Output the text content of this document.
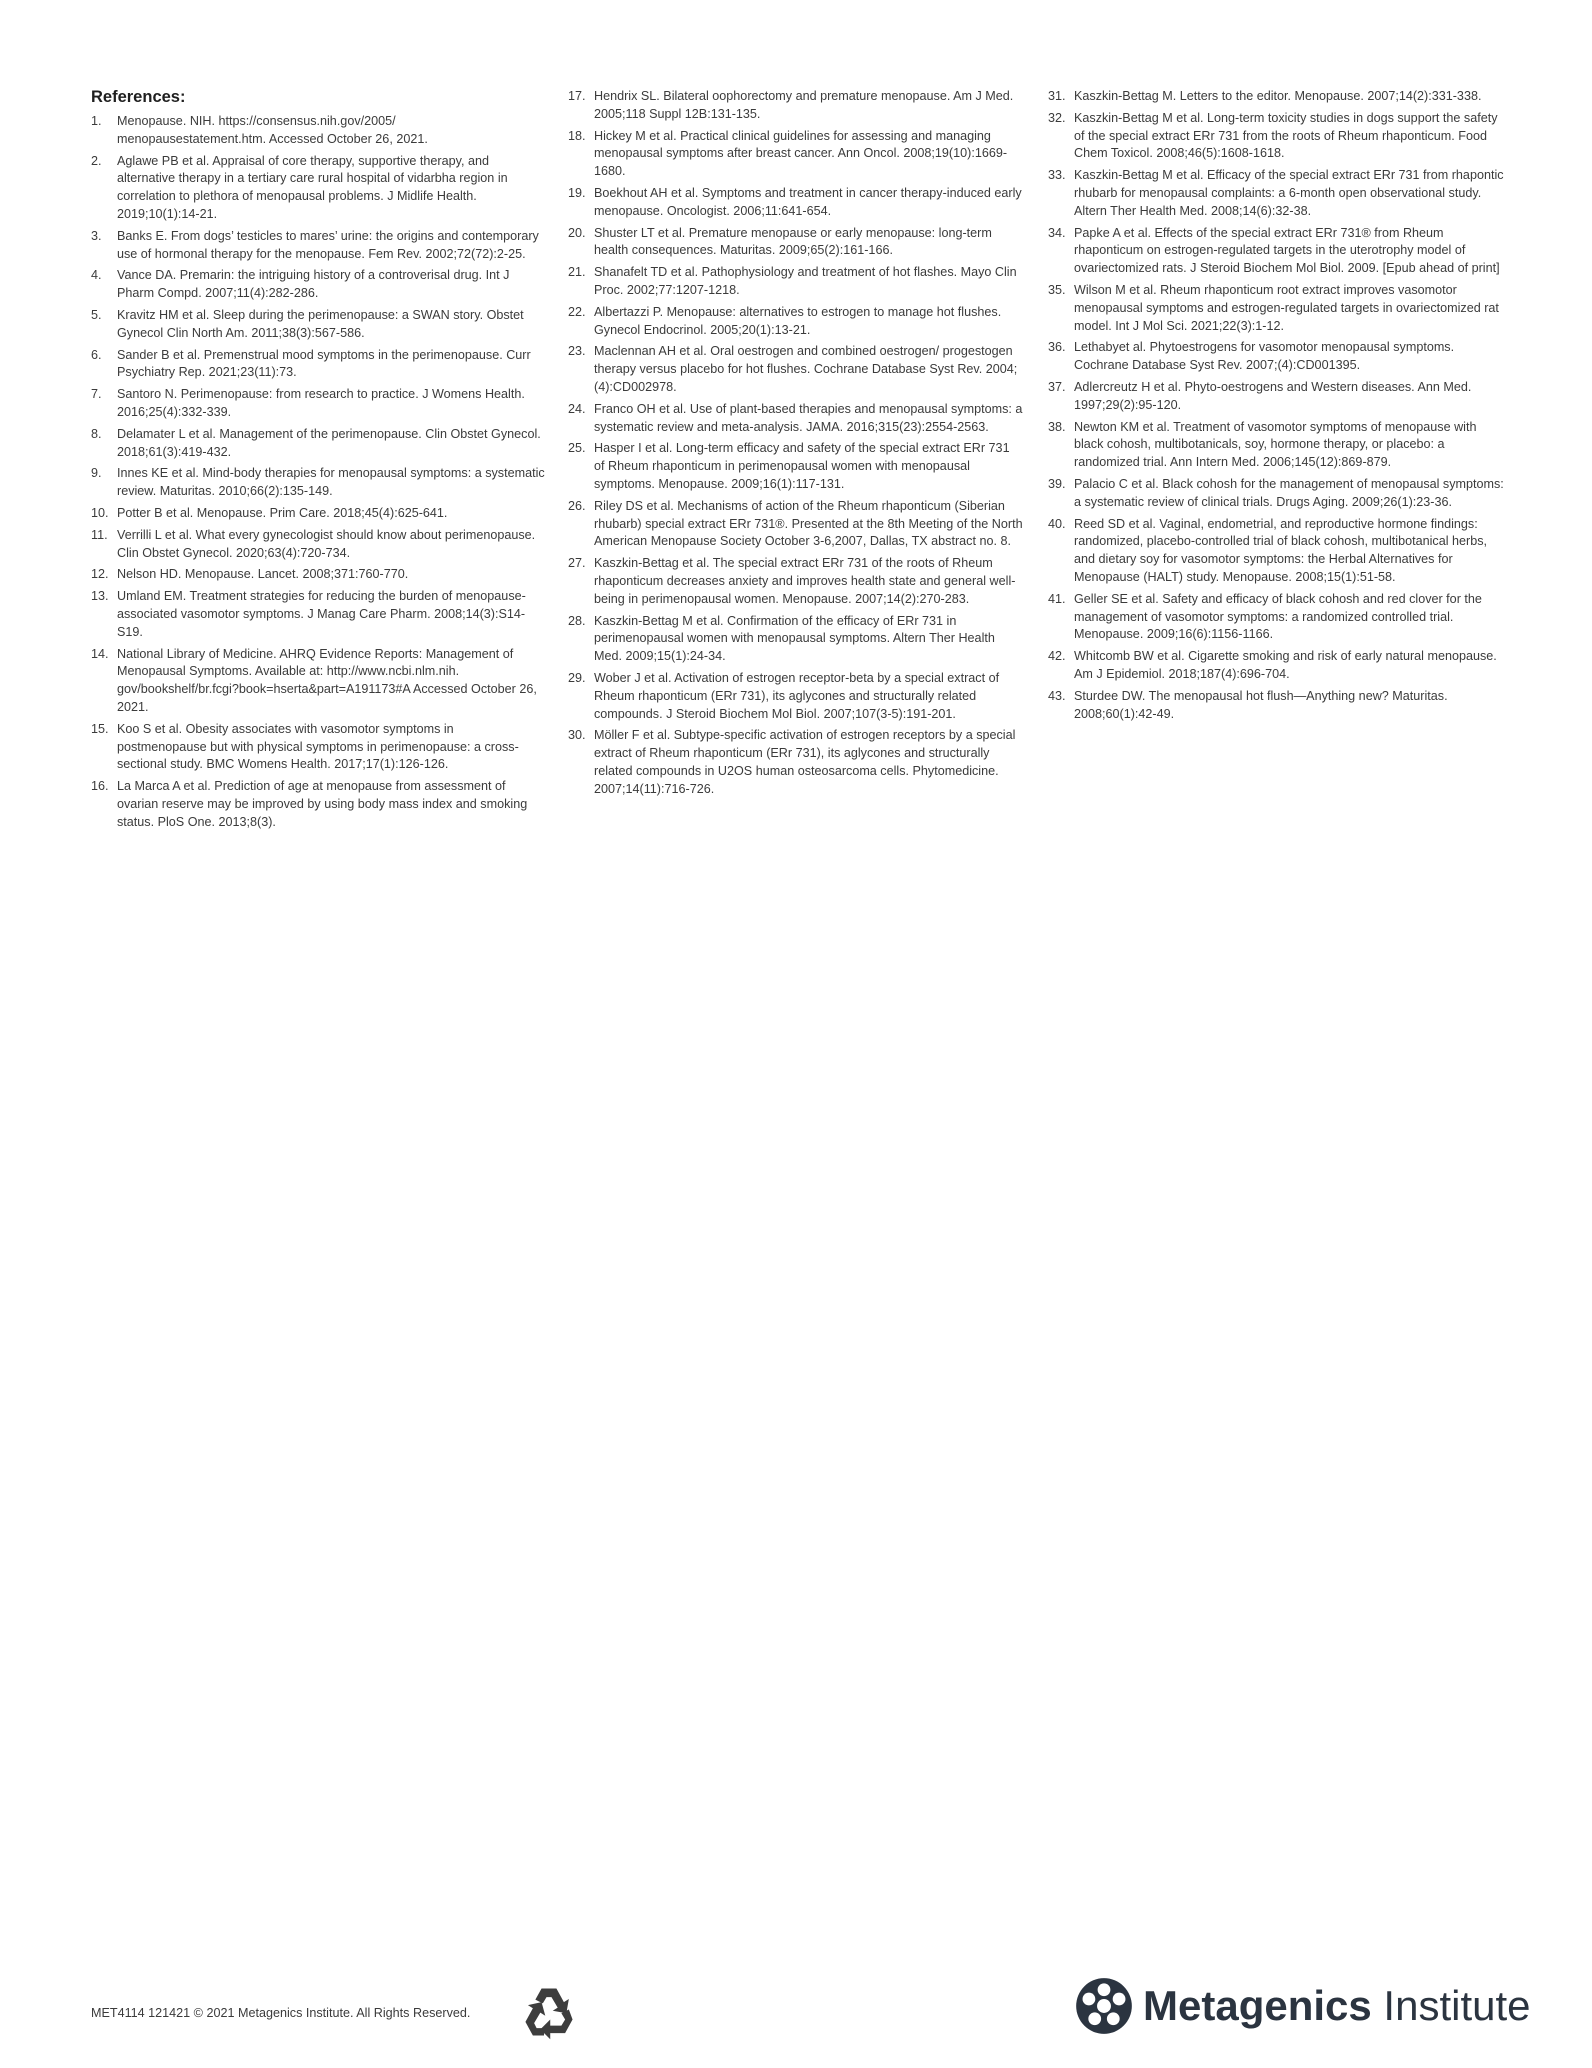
References:
1. Menopause. NIH. https://consensus.nih.gov/2005/ menopausestatement.htm. Accessed October 26, 2021.
2. Aglawe PB et al. Appraisal of core therapy, supportive therapy, and alternative therapy in a tertiary care rural hospital of vidarbha region in correlation to plethora of menopausal problems. J Midlife Health. 2019;10(1):14-21.
3. Banks E. From dogs’ testicles to mares’ urine: the origins and contemporary use of hormonal therapy for the menopause. Fem Rev. 2002;72(72):2-25.
4. Vance DA. Premarin: the intriguing history of a controverisal drug. Int J Pharm Compd. 2007;11(4):282-286.
5. Kravitz HM et al. Sleep during the perimenopause: a SWAN story. Obstet Gynecol Clin North Am. 2011;38(3):567-586.
6. Sander B et al. Premenstrual mood symptoms in the perimenopause. Curr Psychiatry Rep. 2021;23(11):73.
7. Santoro N. Perimenopause: from research to practice. J Womens Health. 2016;25(4):332-339.
8. Delamater L et al. Management of the perimenopause. Clin Obstet Gynecol. 2018;61(3):419-432.
9. Innes KE et al. Mind-body therapies for menopausal symptoms: a systematic review. Maturitas. 2010;66(2):135-149.
10. Potter B et al. Menopause. Prim Care. 2018;45(4):625-641.
11. Verrilli L et al. What every gynecologist should know about perimenopause. Clin Obstet Gynecol. 2020;63(4):720-734.
12. Nelson HD. Menopause. Lancet. 2008;371:760-770.
13. Umland EM. Treatment strategies for reducing the burden of menopause-associated vasomotor symptoms. J Manag Care Pharm. 2008;14(3):S14-S19.
14. National Library of Medicine. AHRQ Evidence Reports: Management of Menopausal Symptoms. Available at: http://www.ncbi.nlm.nih. gov/bookshelf/br.fcgi?book=hserta&part=A191173#A Accessed October 26, 2021.
15. Koo S et al. Obesity associates with vasomotor symptoms in postmenopause but with physical symptoms in perimenopause: a cross-sectional study. BMC Womens Health. 2017;17(1):126-126.
16. La Marca A et al. Prediction of age at menopause from assessment of ovarian reserve may be improved by using body mass index and smoking status. PloS One. 2013;8(3).
17. Hendrix SL. Bilateral oophorectomy and premature menopause. Am J Med. 2005;118 Suppl 12B:131-135.
18. Hickey M et al. Practical clinical guidelines for assessing and managing menopausal symptoms after breast cancer. Ann Oncol. 2008;19(10):1669-1680.
19. Boekhout AH et al. Symptoms and treatment in cancer therapy-induced early menopause. Oncologist. 2006;11:641-654.
20. Shuster LT et al. Premature menopause or early menopause: long-term health consequences. Maturitas. 2009;65(2):161-166.
21. Shanafelt TD et al. Pathophysiology and treatment of hot flashes. Mayo Clin Proc. 2002;77:1207-1218.
22. Albertazzi P. Menopause: alternatives to estrogen to manage hot flushes. Gynecol Endocrinol. 2005;20(1):13-21.
23. Maclennan AH et al. Oral oestrogen and combined oestrogen/ progestogen therapy versus placebo for hot flushes. Cochrane Database Syst Rev. 2004;(4):CD002978.
24. Franco OH et al. Use of plant-based therapies and menopausal symptoms: a systematic review and meta-analysis. JAMA. 2016;315(23):2554-2563.
25. Hasper I et al. Long-term efficacy and safety of the special extract ERr 731 of Rheum rhaponticum in perimenopausal women with menopausal symptoms. Menopause. 2009;16(1):117-131.
26. Riley DS et al. Mechanisms of action of the Rheum rhaponticum (Siberian rhubarb) special extract ERr 731®. Presented at the 8th Meeting of the North American Menopause Society October 3-6,2007, Dallas, TX abstract no. 8.
27. Kaszkin-Bettag et al. The special extract ERr 731 of the roots of Rheum rhaponticum decreases anxiety and improves health state and general well-being in perimenopausal women. Menopause. 2007;14(2):270-283.
28. Kaszkin-Bettag M et al. Confirmation of the efficacy of ERr 731 in perimenopausal women with menopausal symptoms. Altern Ther Health Med. 2009;15(1):24-34.
29. Wober J et al. Activation of estrogen receptor-beta by a special extract of Rheum rhaponticum (ERr 731), its aglycones and structurally related compounds. J Steroid Biochem Mol Biol. 2007;107(3-5):191-201.
30. Möller F et al. Subtype-specific activation of estrogen receptors by a special extract of Rheum rhaponticum (ERr 731), its aglycones and structurally related compounds in U2OS human osteosarcoma cells. Phytomedicine. 2007;14(11):716-726.
31. Kaszkin-Bettag M. Letters to the editor. Menopause. 2007;14(2):331-338.
32. Kaszkin-Bettag M et al. Long-term toxicity studies in dogs support the safety of the special extract ERr 731 from the roots of Rheum rhaponticum. Food Chem Toxicol. 2008;46(5):1608-1618.
33. Kaszkin-Bettag M et al. Efficacy of the special extract ERr 731 from rhapontic rhubarb for menopausal complaints: a 6-month open observational study. Altern Ther Health Med. 2008;14(6):32-38.
34. Papke A et al. Effects of the special extract ERr 731® from Rheum rhaponticum on estrogen-regulated targets in the uterotrophy model of ovariectomized rats. J Steroid Biochem Mol Biol. 2009. [Epub ahead of print]
35. Wilson M et al. Rheum rhaponticum root extract improves vasomotor menopausal symptoms and estrogen-regulated targets in ovariectomized rat model. Int J Mol Sci. 2021;22(3):1-12.
36. Lethabyet al. Phytoestrogens for vasomotor menopausal symptoms. Cochrane Database Syst Rev. 2007;(4):CD001395.
37. Adlercreutz H et al. Phyto-oestrogens and Western diseases. Ann Med. 1997;29(2):95-120.
38. Newton KM et al. Treatment of vasomotor symptoms of menopause with black cohosh, multibotanicals, soy, hormone therapy, or placebo: a randomized trial. Ann Intern Med. 2006;145(12):869-879.
39. Palacio C et al. Black cohosh for the management of menopausal symptoms: a systematic review of clinical trials. Drugs Aging. 2009;26(1):23-36.
40. Reed SD et al. Vaginal, endometrial, and reproductive hormone findings: randomized, placebo-controlled trial of black cohosh, multibotanical herbs, and dietary soy for vasomotor symptoms: the Herbal Alternatives for Menopause (HALT) study. Menopause. 2008;15(1):51-58.
41. Geller SE et al. Safety and efficacy of black cohosh and red clover for the management of vasomotor symptoms: a randomized controlled trial. Menopause. 2009;16(6):1156-1166.
42. Whitcomb BW et al. Cigarette smoking and risk of early natural menopause. Am J Epidemiol. 2018;187(4):696-704.
43. Sturdee DW. The menopausal hot flush—Anything new? Maturitas. 2008;60(1):42-49.
MET4114 121421 © 2021 Metagenics Institute. All Rights Reserved.	Metagenics Institute
